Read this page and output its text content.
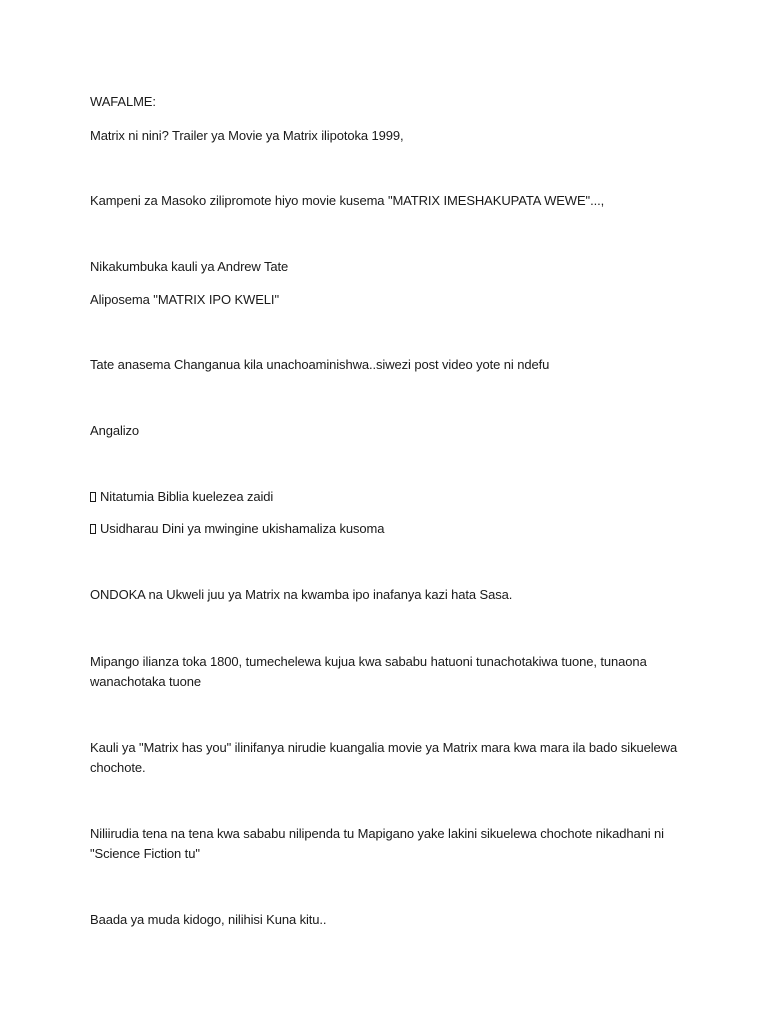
WAFALME:

Matrix ni nini? Trailer ya Movie ya Matrix ilipotoka 1999,

Kampeni za Masoko zilipromote hiyo movie kusema "MATRIX IMESHAKUPATA WEWE"...,

Nikakumbuka kauli ya Andrew Tate

Aliposema "MATRIX IPO KWELI"

Tate anasema Changanua kila unachoaminishwa..siwezi post video yote ni ndefu

Angalizo

Nitatumia Biblia kuelezea zaidi

Usidharau Dini ya mwingine ukishamaliza kusoma

ONDOKA na Ukweli juu ya Matrix na kwamba ipo inafanya kazi hata Sasa.

Mipango ilianza toka 1800, tumechelewa kujua kwa sababu hatuoni tunachotakiwa tuone, tunaona wanachotaka tuone

Kauli ya "Matrix has you" ilinifanya nirudie kuangalia movie ya Matrix mara kwa mara ila bado sikuelewa chochote.

Niliirudia tena na tena kwa sababu nilipenda tu Mapigano yake lakini sikuelewa chochote nikadhani ni "Science Fiction tu"

Baada ya muda kidogo, nilihisi Kuna kitu..
